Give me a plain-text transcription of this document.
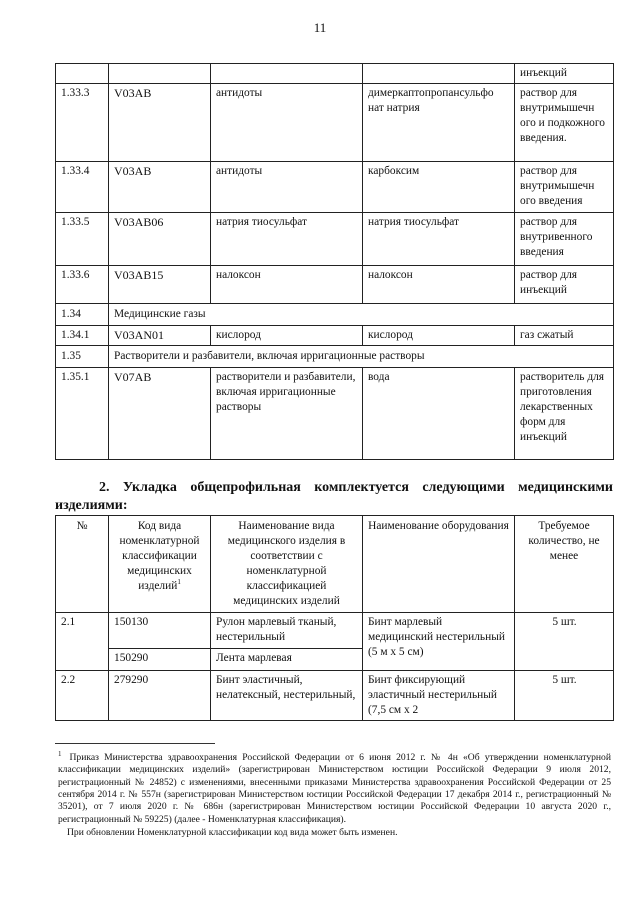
11
				инъекций
1.33.3	V03AB	антидоты	димеркаптопропансульфо нат натрия	раствор для внутримышечн ого и подкожного введения.
1.33.4	V03AB	антидоты	карбоксим	раствор для внутримышечн ого введения
1.33.5	V03AB06	натрия тиосульфат	натрия тиосульфат	раствор для внутривенного введения
1.33.6	V03AB15	налоксон	налоксон	раствор для инъекций
1.34	Медицинские газы			
1.34.1	V03AN01	кислород	кислород	газ сжатый
1.35	Растворители и разбавители, включая ирригационные растворы			
1.35.1	V07AB	растворители и разбавители, включая ирригационные растворы	вода	растворитель для приготовления лекарственных форм для инъекций
2. Укладка общепрофильная комплектуется следующими медицинскими изделиями:
№	Код вида номенклатурной классификации медицинских изделий$^1$	Наименование вида медицинского изделия в соответствии с номенклатурной классификацией медицинских изделий	Наименование оборудования	Требуемое количество, не менее
2.1	150130	Рулон марлевый тканый, нестерильный	Бинт марлевый медицинский нестерильный (5 м х 5 см)	5 шт.
	150290	Лента марлевая		
2.2	279290	Бинт эластичный, нелатексный, нестерильный,	Бинт фиксирующий эластичный нестерильный (7,5 см х 2	5 шт.

$^1$ Приказ Министерства здравоохранения Российской Федерации от 6 июня 2012 г. № 4н «Об утверждении номенклатурной классификации медицинских изделий» (зарегистрирован Министерством юстиции Российской Федерации 9 июля 2012, регистрационный № 24852) с изменениями, внесенными приказами Министерства здравоохранения Российской Федерации от 25 сентября 2014 г. № 557н (зарегистрирован Министерством юстиции Российской Федерации 17 декабря 2014 г., регистрационный № 35201), от 7 июля 2020 г. № 686н (зарегистрирован Министерством юстиции Российской Федерации 10 августа 2020 г., регистрационный № 59225) (далее - Номенклатурная классификация).

При обновлении Номенклатурной классификации код вида может быть изменен.
